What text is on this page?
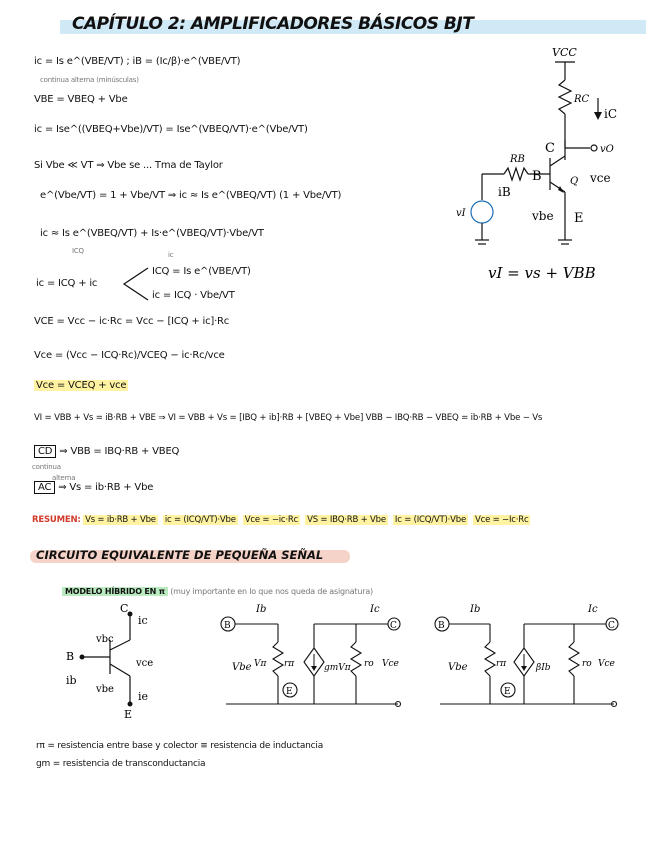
CAPÍTULO 2: AMPLIFICADORES BÁSICOS BJT
ic = Is e^(VBE/VT) ; iB = (Ic/β)·e^(VBE/VT)
continua alterna (minúsculas)
VBE = VBEQ + Vbe
ic = Ise^((VBEQ+Vbe)/VT) = Ise^(VBEQ/VT)·e^(Vbe/VT)
Si Vbe ≪ VT ⇒ Vbe se ... Tma de Taylor
e^(Vbe/VT) = 1 + Vbe/VT ⇒ ic ≈ Is e^(VBEQ/VT) (1 + Vbe/VT)
ic ≈ Is e^(VBEQ/VT) + Is·e^(VBEQ/VT)·Vbe/VT
ICQ	ic
ic = ICQ + ic
ICQ = Is e^(VBE/VT)
ic = ICQ · Vbe/VT
VCE = Vcc − ic·Rc = Vcc − [ICQ + ic]·Rc
Vce = (Vcc − ICQ·Rc)/VCEQ − ic·Rc/vce
Vce = VCEQ + vce
VI = VBB + Vs = iB·RB + VBE ⇒ VI = VBB + Vs = [IBQ + ib]·RB + [VBEQ + Vbe] VBB − IBQ·RB − VBEQ = ib·RB + Vbe − Vs
continua
CD ⇒ VBB = IBQ·RB + VBEQ
alterna
AC ⇒ Vs = ib·RB + Vbe
RESUMEN: Vs = ib·RB + Vbe ic = (ICQ/VT)·Vbe Vce = −ic·Rc VS = IBQ·RB + Vbe Ic = (ICQ/VT)·Vbe Vce = −Ic·Rc
CIRCUITO EQUIVALENTE DE PEQUEÑA SEÑAL
MODELO HÍBRIDO EN π (muy importante en lo que nos queda de asignatura)
VCC
RC
iC
C	vO
RB
B	Q vce
iB
vbe E
vI
vI = vs + VBB
C
ic
vbc
B
vce
ib
vbe
ie
E
B	C
E
Ib	Ic
Vbe Vπ rπ	gmVπ ro Vce
B	C
E
Ib	Ic
Vbe	rπ	βIb	ro Vce
rπ = resistencia entre base y colector ≡ resistencia de inductancia
gm = resistencia de transconductancia
